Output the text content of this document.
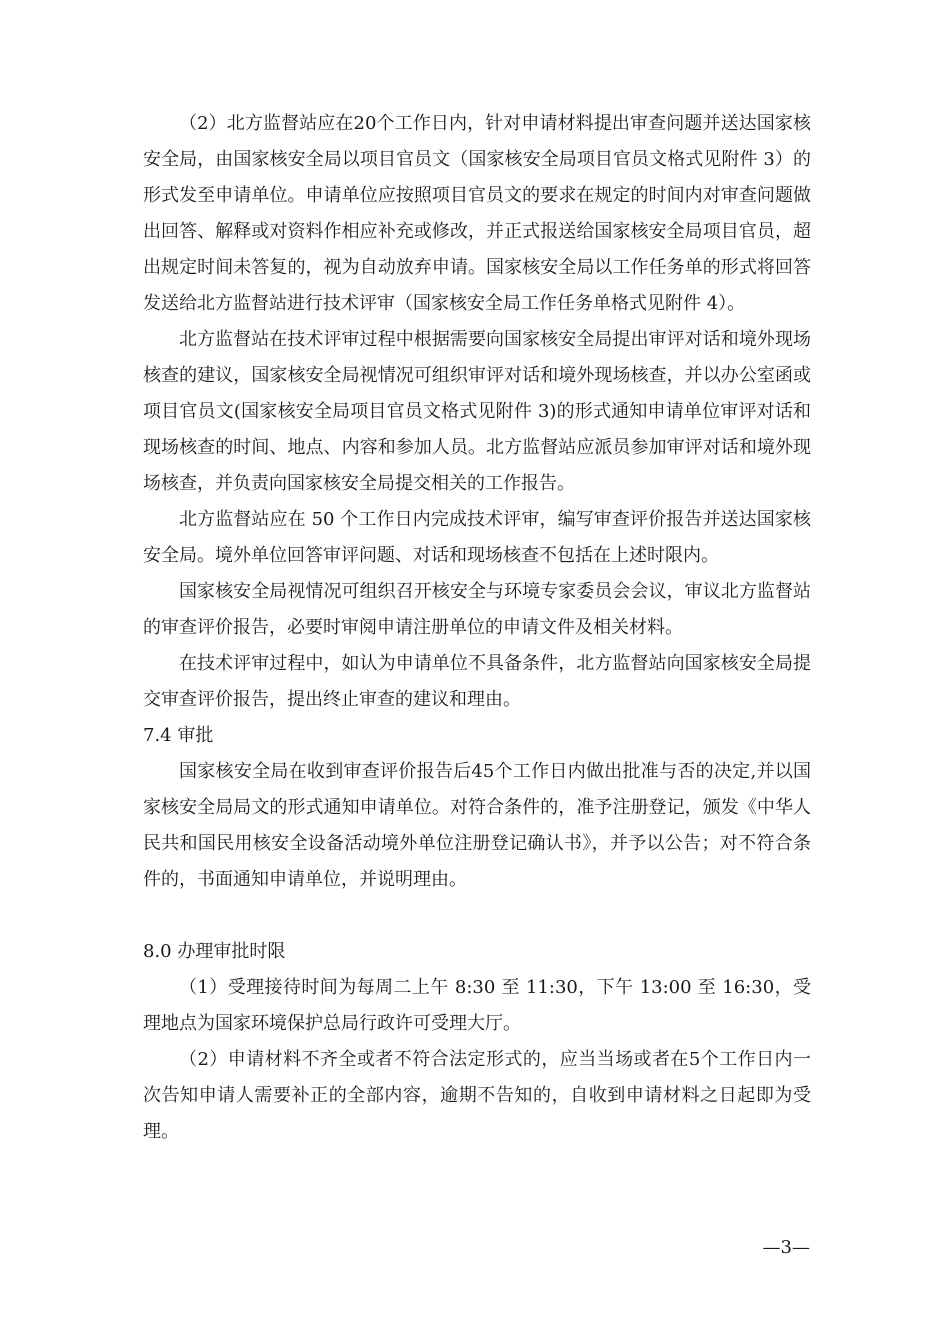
（2）北方监督站应在20个工作日内，针对申请材料提出审查问题并送达国家核安全局，由国家核安全局以项目官员文（国家核安全局项目官员文格式见附件 3）的形式发至申请单位。申请单位应按照项目官员文的要求在规定的时间内对审查问题做出回答、解释或对资料作相应补充或修改，并正式报送给国家核安全局项目官员，超出规定时间未答复的，视为自动放弃申请。国家核安全局以工作任务单的形式将回答发送给北方监督站进行技术评审（国家核安全局工作任务单格式见附件 4）。

北方监督站在技术评审过程中根据需要向国家核安全局提出审评对话和境外现场核查的建议，国家核安全局视情况可组织审评对话和境外现场核查，并以办公室函或项目官员文(国家核安全局项目官员文格式见附件 3)的形式通知申请单位审评对话和现场核查的时间、地点、内容和参加人员。北方监督站应派员参加审评对话和境外现场核查，并负责向国家核安全局提交相关的工作报告。

北方监督站应在 50 个工作日内完成技术评审，编写审查评价报告并送达国家核安全局。境外单位回答审评问题、对话和现场核查不包括在上述时限内。

国家核安全局视情况可组织召开核安全与环境专家委员会会议，审议北方监督站的审查评价报告，必要时审阅申请注册单位的申请文件及相关材料。

在技术评审过程中，如认为申请单位不具备条件，北方监督站向国家核安全局提交审查评价报告，提出终止审查的建议和理由。

7.4 审批

国家核安全局在收到审查评价报告后45个工作日内做出批准与否的决定,并以国家核安全局局文的形式通知申请单位。对符合条件的，准予注册登记，颁发《中华人民共和国民用核安全设备活动境外单位注册登记确认书》，并予以公告；对不符合条件的，书面通知申请单位，并说明理由。

8.0 办理审批时限

（1）受理接待时间为每周二上午 8:30 至 11:30，下午 13:00 至 16:30，受理地点为国家环境保护总局行政许可受理大厅。

（2）申请材料不齐全或者不符合法定形式的，应当当场或者在5个工作日内一次告知申请人需要补正的全部内容，逾期不告知的，自收到申请材料之日起即为受理。

—3—
